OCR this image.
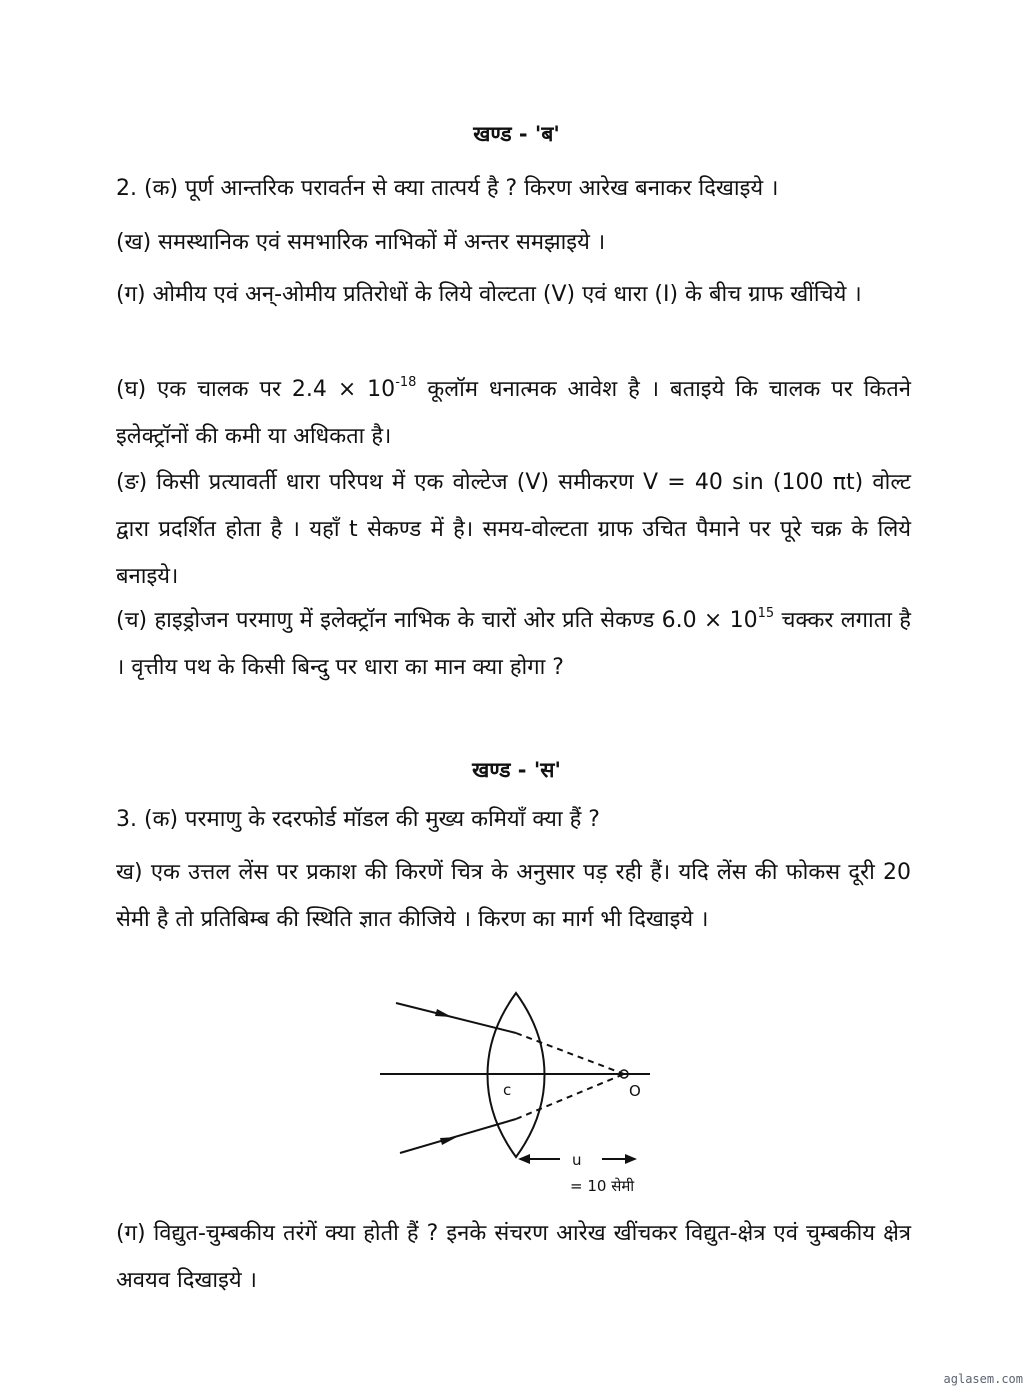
खण्ड - 'ब'
2. (क) पूर्ण आन्तरिक परावर्तन से क्या तात्पर्य है ? किरण आरेख बनाकर दिखाइये ।
(ख) समस्थानिक एवं समभारिक नाभिकों में अन्तर समझाइये ।
(ग) ओमीय एवं अन्-ओमीय प्रतिरोधों के लिये वोल्टता (V) एवं धारा (I) के बीच ग्राफ खींचिये ।
(घ) एक चालक पर $2.4 \times 10^{-18}$ कूलॉम धनात्मक आवेश है । बताइये कि चालक पर कितने इलेक्ट्रॉनों की कमी या अधिकता है।
(ङ) किसी प्रत्यावर्ती धारा परिपथ में एक वोल्टेज (V) समीकरण V = 40 sin (100 πt) वोल्ट द्वारा प्रदर्शित होता है । यहाँ t सेकण्ड में है। समय-वोल्टता ग्राफ उचित पैमाने पर पूरे चक्र के लिये बनाइये।
(च) हाइड्रोजन परमाणु में इलेक्ट्रॉन नाभिक के चारों ओर प्रति सेकण्ड $6.0 \times 10^{15}$ चक्कर लगाता है । वृत्तीय पथ के किसी बिन्दु पर धारा का मान क्या होगा ?
खण्ड - 'स'
3. (क) परमाणु के रदरफोर्ड मॉडल की मुख्य कमियाँ क्या हैं ?
ख) एक उत्तल लेंस पर प्रकाश की किरणें चित्र के अनुसार पड़ रही हैं। यदि लेंस की फोकस दूरी 20 सेमी है तो प्रतिबिम्ब की स्थिति ज्ञात कीजिये । किरण का मार्ग भी दिखाइये ।
c	O
u
= 10 सेमी
(ग) विद्युत-चुम्बकीय तरंगें क्या होती हैं ? इनके संचरण आरेख खींचकर विद्युत-क्षेत्र एवं चुम्बकीय क्षेत्र अवयव दिखाइये ।
aglasem.com
